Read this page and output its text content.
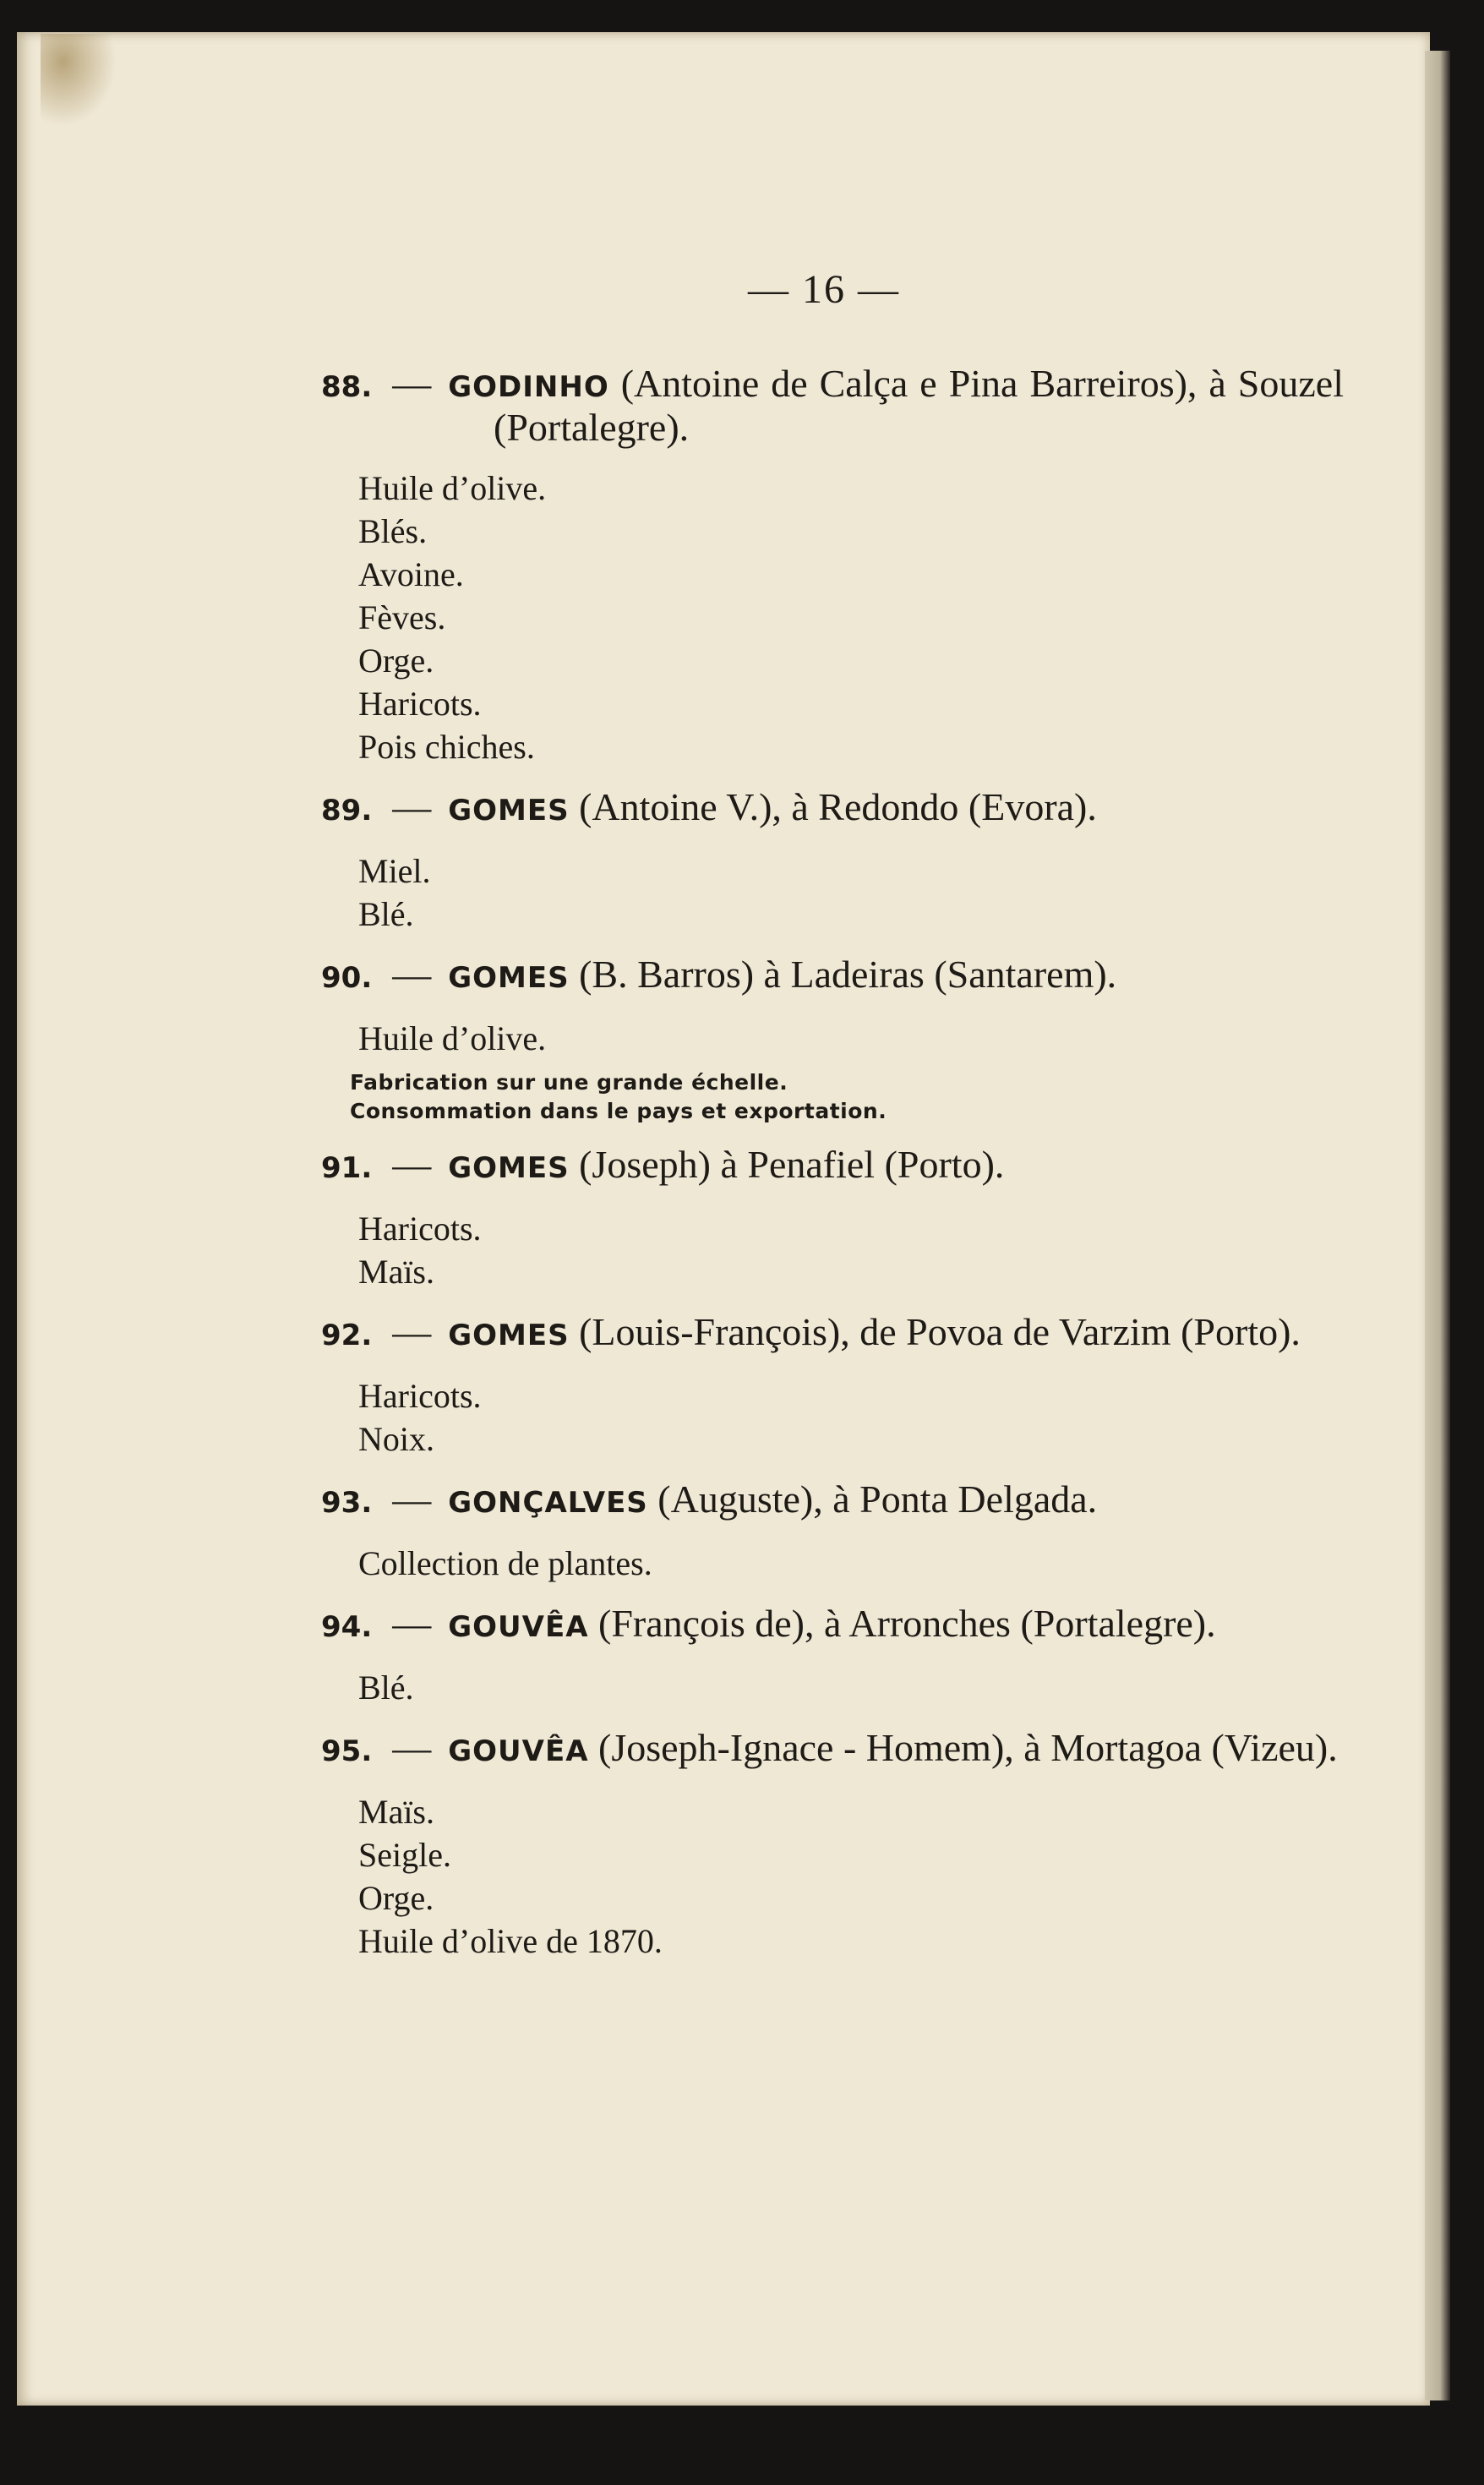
— 16 —
88. — GODINHO (Antoine de Calça e Pina Barreiros), à Souzel (Portalegre).
Huile d’olive.
Blés.
Avoine.
Fèves.
Orge.
Haricots.
Pois chiches.
89. — GOMES (Antoine V.), à Redondo (Evora).
Miel.
Blé.
90. — GOMES (B. Barros) à Ladeiras (Santarem).
Huile d’olive.
Fabrication sur une grande échelle.
Consommation dans le pays et exportation.
91. — GOMES (Joseph) à Penafiel (Porto).
Haricots.
Maïs.
92. — GOMES (Louis-François), de Povoa de Varzim (Porto).
Haricots.
Noix.
93. — GONÇALVES (Auguste), à Ponta Delgada.
Collection de plantes.
94. — GOUVÊA (François de), à Arronches (Portalegre).
Blé.
95. — GOUVÊA (Joseph-Ignace - Homem), à Mortagoa (Vizeu).
Maïs.
Seigle.
Orge.
Huile d’olive de 1870.
